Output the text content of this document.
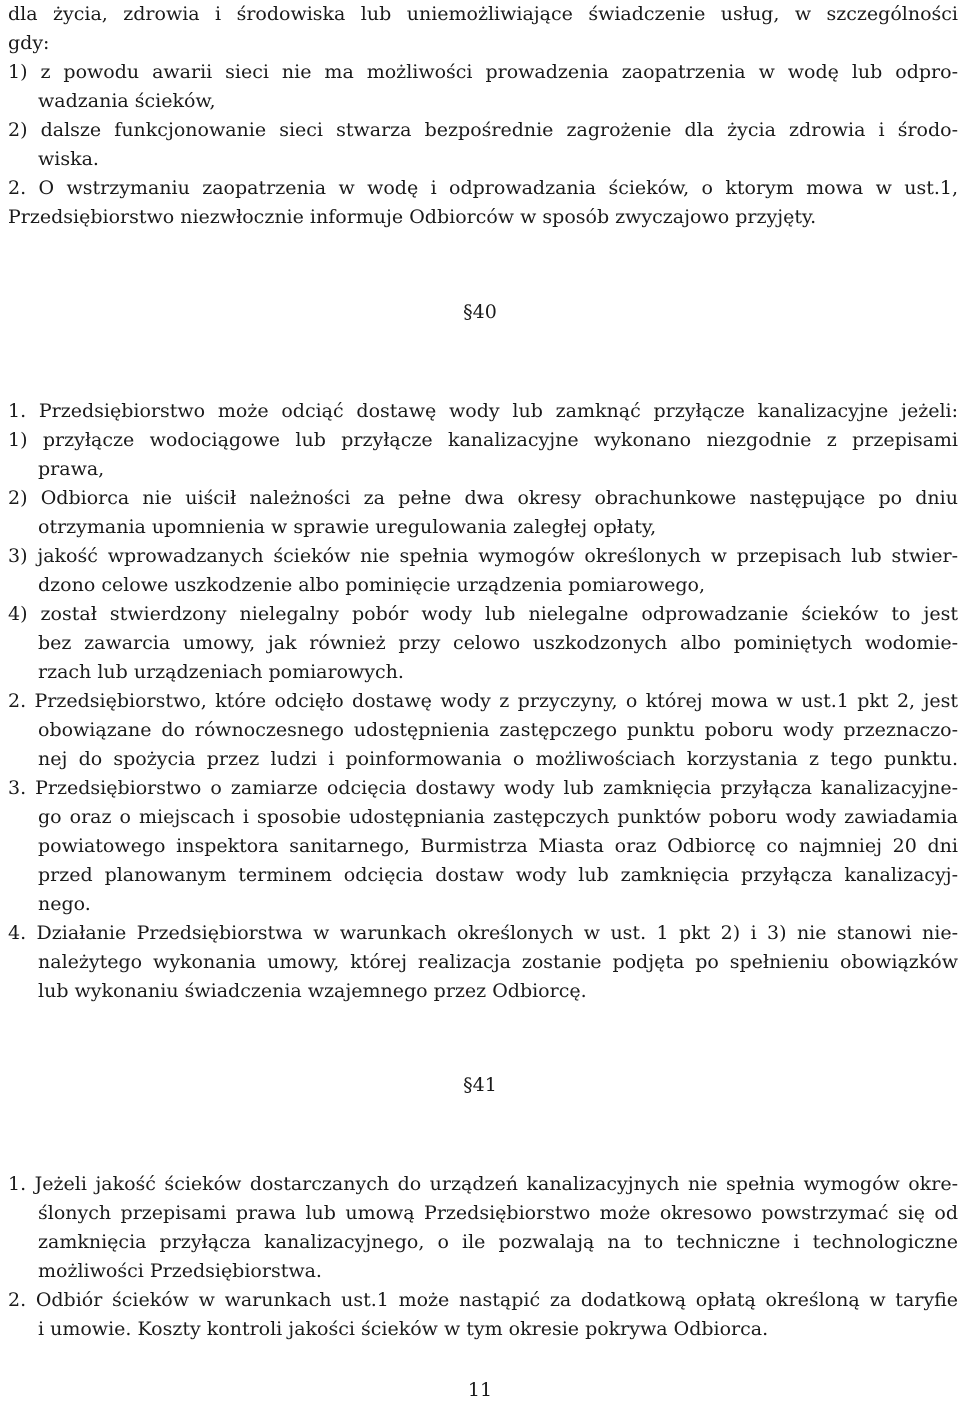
dla życia, zdrowia i środowiska lub uniemożliwiające świadczenie usług, w szczególności
gdy:
1) z powodu awarii sieci nie ma możliwości prowadzenia zaopatrzenia w wodę lub odpro-
wadzania ścieków,
2) dalsze funkcjonowanie sieci stwarza bezpośrednie zagrożenie dla życia zdrowia i środo-
wiska.
2. O wstrzymaniu zaopatrzenia w wodę i odprowadzania ścieków, o ktorym mowa w ust.1,
Przedsiębiorstwo niezwłocznie informuje Odbiorców w sposób zwyczajowo przyjęty.
§40
1. Przedsiębiorstwo może odciąć dostawę wody lub zamknąć przyłącze kanalizacyjne jeżeli:
1) przyłącze wodociągowe lub przyłącze kanalizacyjne wykonano niezgodnie z przepisami
prawa,
2) Odbiorca nie uiścił należności za pełne dwa okresy obrachunkowe następujące po dniu
otrzymania upomnienia w sprawie uregulowania zaległej opłaty,
3) jakość wprowadzanych ścieków nie spełnia wymogów określonych w przepisach lub stwier-
dzono celowe uszkodzenie albo pominięcie urządzenia pomiarowego,
4) został stwierdzony nielegalny pobór wody lub nielegalne odprowadzanie ścieków to jest
bez zawarcia umowy, jak również przy celowo uszkodzonych albo pominiętych wodomie-
rzach lub urządzeniach pomiarowych.
2. Przedsiębiorstwo, które odcięło dostawę wody z przyczyny, o której mowa w ust.1 pkt 2, jest
obowiązane do równoczesnego udostępnienia zastępczego punktu poboru wody przeznaczo-
nej do spożycia przez ludzi i poinformowania o możliwościach korzystania z tego punktu.
3. Przedsiębiorstwo o zamiarze odcięcia dostawy wody lub zamknięcia przyłącza kanalizacyjne-
go oraz o miejscach i sposobie udostępniania zastępczych punktów poboru wody zawiadamia
powiatowego inspektora sanitarnego, Burmistrza Miasta oraz Odbiorcę co najmniej 20 dni
przed planowanym terminem odcięcia dostaw wody lub zamknięcia przyłącza kanalizacyj-
nego.
4. Działanie Przedsiębiorstwa w warunkach określonych w ust. 1 pkt 2) i 3) nie stanowi nie-
należytego wykonania umowy, której realizacja zostanie podjęta po spełnieniu obowiązków
lub wykonaniu świadczenia wzajemnego przez Odbiorcę.
§41
1. Jeżeli jakość ścieków dostarczanych do urządzeń kanalizacyjnych nie spełnia wymogów okre-
ślonych przepisami prawa lub umową Przedsiębiorstwo może okresowo powstrzymać się od
zamknięcia przyłącza kanalizacyjnego, o ile pozwalają na to techniczne i technologiczne
możliwości Przedsiębiorstwa.
2. Odbiór ścieków w warunkach ust.1 może nastąpić za dodatkową opłatą określoną w taryfie
i umowie. Koszty kontroli jakości ścieków w tym okresie pokrywa Odbiorca.
11
